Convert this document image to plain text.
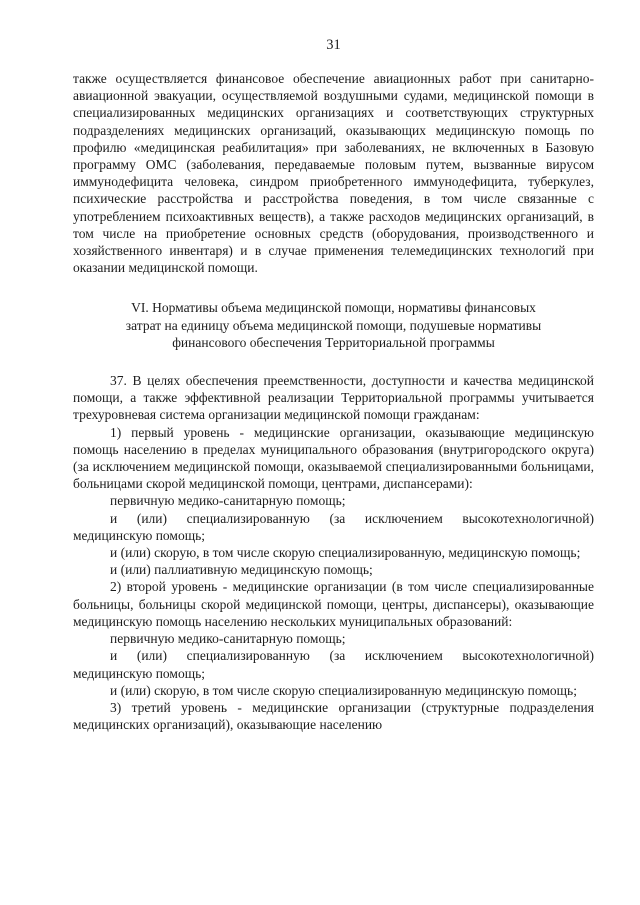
31

также осуществляется финансовое обеспечение авиационных работ при санитарно-авиационной эвакуации, осуществляемой воздушными судами, медицинской помощи в специализированных медицинских организациях и соответствующих структурных подразделениях медицинских организаций, оказывающих медицинскую помощь по профилю «медицинская реабилитация» при заболеваниях, не включенных в Базовую программу ОМС (заболевания, передаваемые половым путем, вызванные вирусом иммунодефицита человека, синдром приобретенного иммунодефицита, туберкулез, психические расстройства и расстройства поведения, в том числе связанные с употреблением психоактивных веществ), а также расходов медицинских организаций, в том числе на приобретение основных средств (оборудования, производственного и хозяйственного инвентаря) и в случае применения телемедицинских технологий при оказании медицинской помощи.

VI. Нормативы объема медицинской помощи, нормативы финансовых
затрат на единицу объема медицинской помощи, подушевые нормативы
финансового обеспечения Территориальной программы

37. В целях обеспечения преемственности, доступности и качества медицинской помощи, а также эффективной реализации Территориальной программы учитывается трехуровневая система организации медицинской помощи гражданам:

1) первый уровень - медицинские организации, оказывающие медицинскую помощь населению в пределах муниципального образования (внутригородского округа) (за исключением медицинской помощи, оказываемой специализированными больницами, больницами скорой медицинской помощи, центрами, диспансерами):

первичную медико-санитарную помощь;

и (или) специализированную (за исключением высокотехнологичной) медицинскую помощь;

и (или) скорую, в том числе скорую специализированную, медицинскую помощь;

и (или) паллиативную медицинскую помощь;

2) второй уровень - медицинские организации (в том числе специализированные больницы, больницы скорой медицинской помощи, центры, диспансеры), оказывающие медицинскую помощь населению нескольких муниципальных образований:

первичную медико-санитарную помощь;

и (или) специализированную (за исключением высокотехнологичной) медицинскую помощь;

и (или) скорую, в том числе скорую специализированную медицинскую помощь;

3) третий уровень - медицинские организации (структурные подразделения медицинских организаций), оказывающие населению
